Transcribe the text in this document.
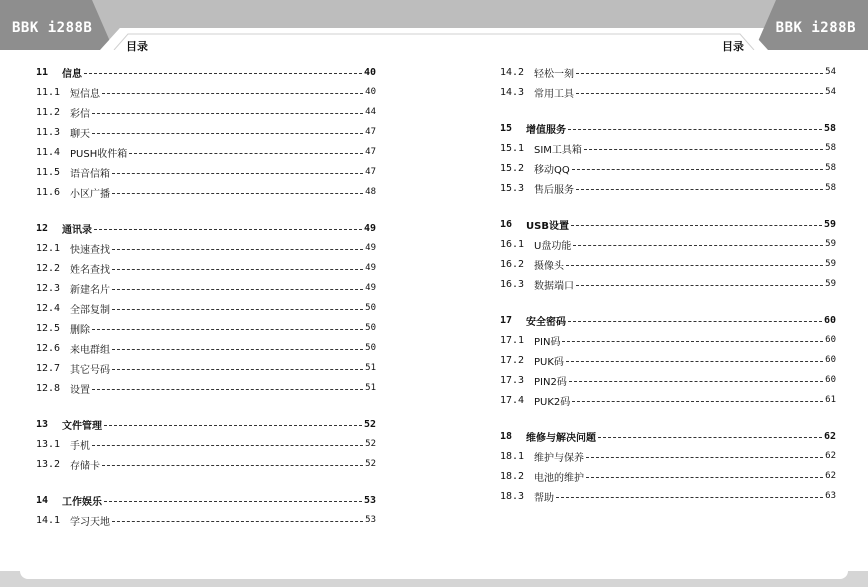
BBK i288B	BBK i288B
目录	目录
11	信息	40
11.1 短信息	40
11.2 彩信	44
11.3 聊天	47
11.4 PUSH收件箱	47
11.5 语音信箱	47
11.6 小区广播	48
12	通讯录	49
12.1 快速查找	49
12.2 姓名查找	49
12.3 新建名片	49
12.4 全部复制	50
12.5 删除	50
12.6 来电群组	50
12.7 其它号码	51
12.8 设置	51
13	文件管理	52
13.1 手机	52
13.2 存储卡	52
14	工作娱乐	53
14.1 学习天地	53
14.2 轻松一刻	54
14.3 常用工具	54
15	增值服务	58
15.1 SIM工具箱	58
15.2 移动QQ	58
15.3 售后服务	58
16	USB设置	59
16.1 U盘功能	59
16.2 摄像头	59
16.3 数据端口	59
17	安全密码	60
17.1 PIN码	60
17.2 PUK码	60
17.3 PIN2码	60
17.4 PUK2码	61
18	维修与解决问题	62
18.1 维护与保养	62
18.2 电池的维护	62
18.3 帮助	63
